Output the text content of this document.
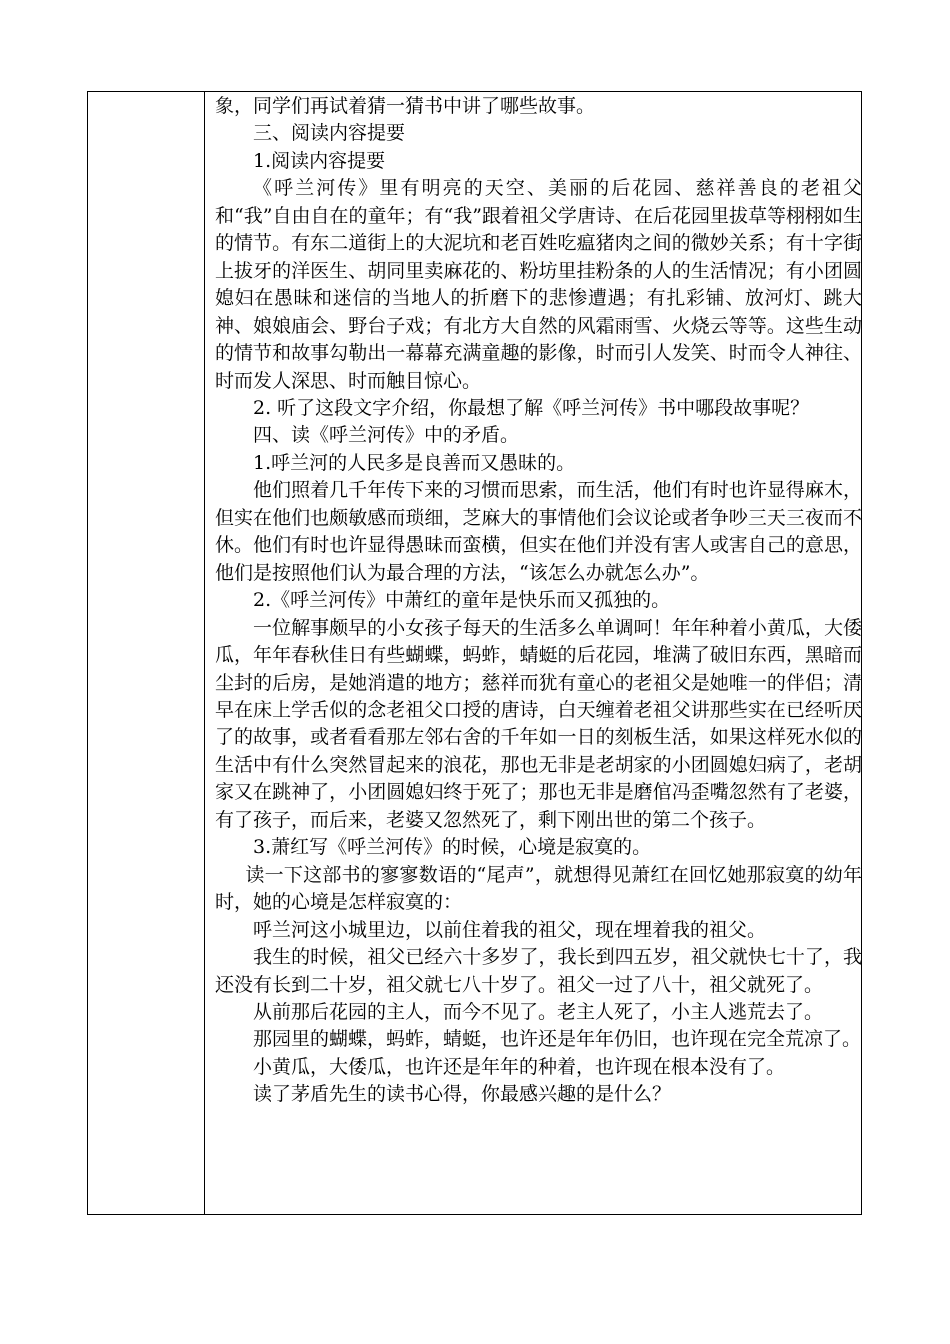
象，同学们再试着猜一猜书中讲了哪些故事。

三、阅读内容提要

1.阅读内容提要

《呼兰河传》里有明亮的天空、美丽的后花园、慈祥善良的老祖父和“我”自由自在的童年；有“我”跟着祖父学唐诗、在后花园里拔草等栩栩如生的情节。有东二道街上的大泥坑和老百姓吃瘟猪肉之间的微妙关系；有十字街上拔牙的洋医生、胡同里卖麻花的、粉坊里挂粉条的人的生活情况；有小团圆媳妇在愚昧和迷信的当地人的折磨下的悲惨遭遇；有扎彩铺、放河灯、跳大神、娘娘庙会、野台子戏；有北方大自然的风霜雨雪、火烧云等等。这些生动的情节和故事勾勒出一幕幕充满童趣的影像，时而引人发笑、时而令人神往、时而发人深思、时而触目惊心。

2. 听了这段文字介绍，你最想了解《呼兰河传》书中哪段故事呢？

四、读《呼兰河传》中的矛盾。

1.呼兰河的人民多是良善而又愚昧的。

他们照着几千年传下来的习惯而思索，而生活，他们有时也许显得麻木，但实在他们也颇敏感而琐细，芝麻大的事情他们会议论或者争吵三天三夜而不休。他们有时也许显得愚昧而蛮横，但实在他们并没有害人或害自己的意思，他们是按照他们认为最合理的方法，“该怎么办就怎么办”。

2.《呼兰河传》中萧红的童年是快乐而又孤独的。

一位解事颇早的小女孩子每天的生活多么单调呵！年年种着小黄瓜，大倭瓜，年年春秋佳日有些蝴蝶，蚂蚱，蜻蜓的后花园，堆满了破旧东西，黑暗而尘封的后房，是她消遣的地方；慈祥而犹有童心的老祖父是她唯一的伴侣；清早在床上学舌似的念老祖父口授的唐诗，白天缠着老祖父讲那些实在已经听厌了的故事，或者看看那左邻右舍的千年如一日的刻板生活，如果这样死水似的生活中有什么突然冒起来的浪花，那也无非是老胡家的小团圆媳妇病了，老胡家又在跳神了，小团圆媳妇终于死了；那也无非是磨倌冯歪嘴忽然有了老婆，有了孩子，而后来，老婆又忽然死了，剩下刚出世的第二个孩子。

3.萧红写《呼兰河传》的时候，心境是寂寞的。

读一下这部书的寥寥数语的“尾声”，就想得见萧红在回忆她那寂寞的幼年时，她的心境是怎样寂寞的：

呼兰河这小城里边，以前住着我的祖父，现在埋着我的祖父。

我生的时候，祖父已经六十多岁了，我长到四五岁，祖父就快七十了，我还没有长到二十岁，祖父就七八十岁了。祖父一过了八十，祖父就死了。

从前那后花园的主人，而今不见了。老主人死了，小主人逃荒去了。

那园里的蝴蝶，蚂蚱，蜻蜓，也许还是年年仍旧，也许现在完全荒凉了。

小黄瓜，大倭瓜，也许还是年年的种着，也许现在根本没有了。

读了茅盾先生的读书心得，你最感兴趣的是什么？
